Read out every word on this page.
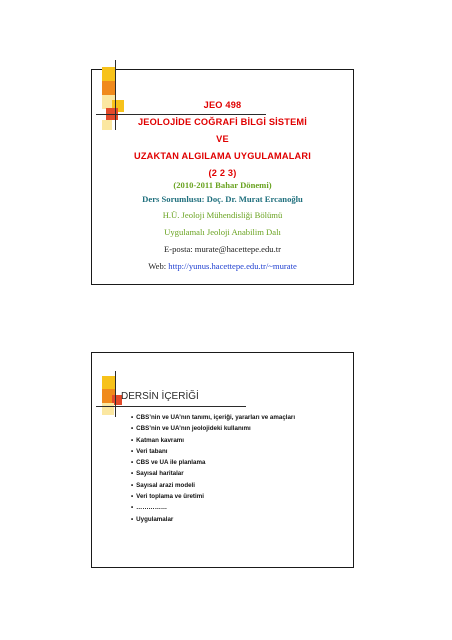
JEO 498
JEOLOJİDE COĞRAFİ BİLGİ SİSTEMİ
VE
UZAKTAN ALGILAMA UYGULAMALARI
(2 2 3)
(2010-2011 Bahar Dönemi)
Ders Sorumlusu: Doç. Dr. Murat Ercanoğlu
H.Ü. Jeoloji Mühendisliği Bölümü
Uygulamalı Jeoloji Anabilim Dalı
E-posta: murate@hacettepe.edu.tr
Web: http://yunus.hacettepe.edu.tr/~murate
DERSİN İÇERİĞİ
• CBS’nin ve UA’nın tanımı, içeriği, yararları ve amaçları
• CBS’nin ve UA’nın jeolojideki kullanımı
• Katman kavramı
• Veri tabanı
• CBS ve UA ile planlama
• Sayısal haritalar
• Sayısal arazi modeli
• Veri toplama ve üretimi
• ……………
• Uygulamalar
